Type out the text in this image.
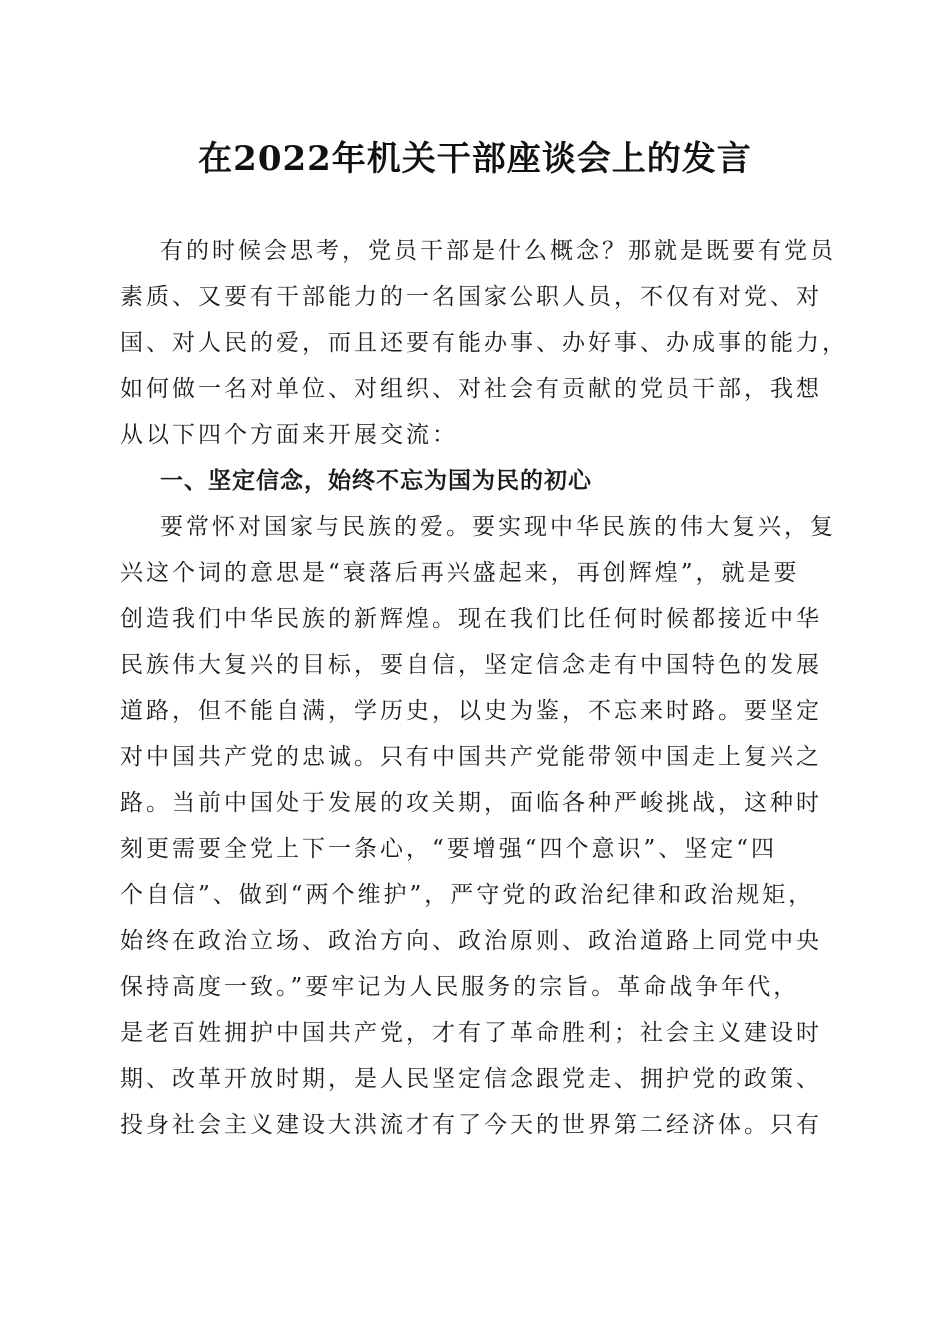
在2022年机关干部座谈会上的发言
有的时候会思考，党员干部是什么概念？那就是既要有党员
素质、又要有干部能力的一名国家公职人员，不仅有对党、对
国、对人民的爱，而且还要有能办事、办好事、办成事的能力，
如何做一名对单位、对组织、对社会有贡献的党员干部，我想
从以下四个方面来开展交流：
一、坚定信念，始终不忘为国为民的初心
要常怀对国家与民族的爱。要实现中华民族的伟大复兴，复
兴这个词的意思是“衰落后再兴盛起来，再创辉煌”，就是要
创造我们中华民族的新辉煌。现在我们比任何时候都接近中华
民族伟大复兴的目标，要自信，坚定信念走有中国特色的发展
道路，但不能自满，学历史，以史为鉴，不忘来时路。要坚定
对中国共产党的忠诚。只有中国共产党能带领中国走上复兴之
路。当前中国处于发展的攻关期，面临各种严峻挑战，这种时
刻更需要全党上下一条心，“要增强“四个意识”、坚定“四
个自信”、做到“两个维护”，严守党的政治纪律和政治规矩，
始终在政治立场、政治方向、政治原则、政治道路上同党中央
保持高度一致。”要牢记为人民服务的宗旨。革命战争年代，
是老百姓拥护中国共产党，才有了革命胜利；社会主义建设时
期、改革开放时期，是人民坚定信念跟党走、拥护党的政策、
投身社会主义建设大洪流才有了今天的世界第二经济体。只有
